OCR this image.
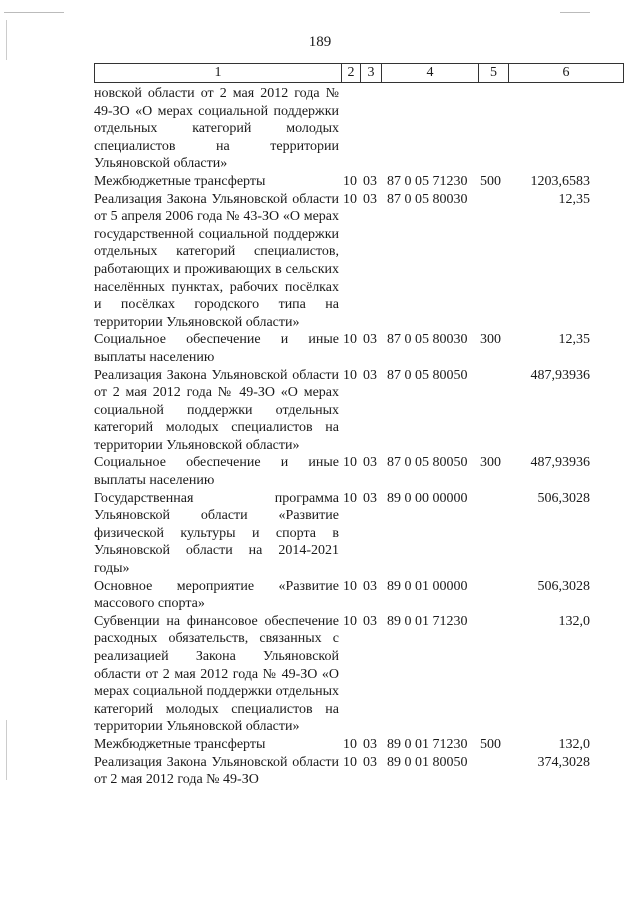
189
1	2 3	4	5	6
новской области от 2 мая 2012 года № 49-ЗО «О мерах социальной поддержки отдельных категорий молодых специалистов на территории Ульяновской области»
Межбюджетные трансферты	10 03 87 0 05 71230 500	1203,6583
Реализация Закона Ульяновской области от 5 апреля 2006 года № 43-ЗО «О мерах государственной социальной поддержки отдельных категорий специалистов, работающих и проживающих в сельских населённых пунктах, рабочих посёлках и посёлках городского типа на территории Ульяновской области»
10 03 87 0 05 80030	12,35
Социальное обеспечение и иные выплаты населению
10 03 87 0 05 80030 300	12,35
Реализация Закона Ульяновской области от 2 мая 2012 года № 49-ЗО «О мерах социальной поддержки отдельных категорий молодых специалистов на территории Ульяновской области»
10 03 87 0 05 80050	487,93936
Социальное обеспечение и иные выплаты населению
10 03 87 0 05 80050 300	487,93936
Государственная программа Ульяновской области «Развитие физической культуры и спорта в Ульяновской области на 2014-2021 годы»
10 03 89 0 00 00000	506,3028
Основное мероприятие «Развитие массового спорта»
10 03 89 0 01 00000	506,3028
Субвенции на финансовое обеспечение расходных обязательств, связанных с реализацией Закона Ульяновской области от 2 мая 2012 года № 49-ЗО «О мерах социальной поддержки отдельных категорий молодых специалистов на территории Ульяновской области»
10 03 89 0 01 71230	132,0
Межбюджетные трансферты	10 03 89 0 01 71230 500	132,0
Реализация Закона Ульяновской области от 2 мая 2012 года № 49-ЗО
10 03 89 0 01 80050	374,3028
